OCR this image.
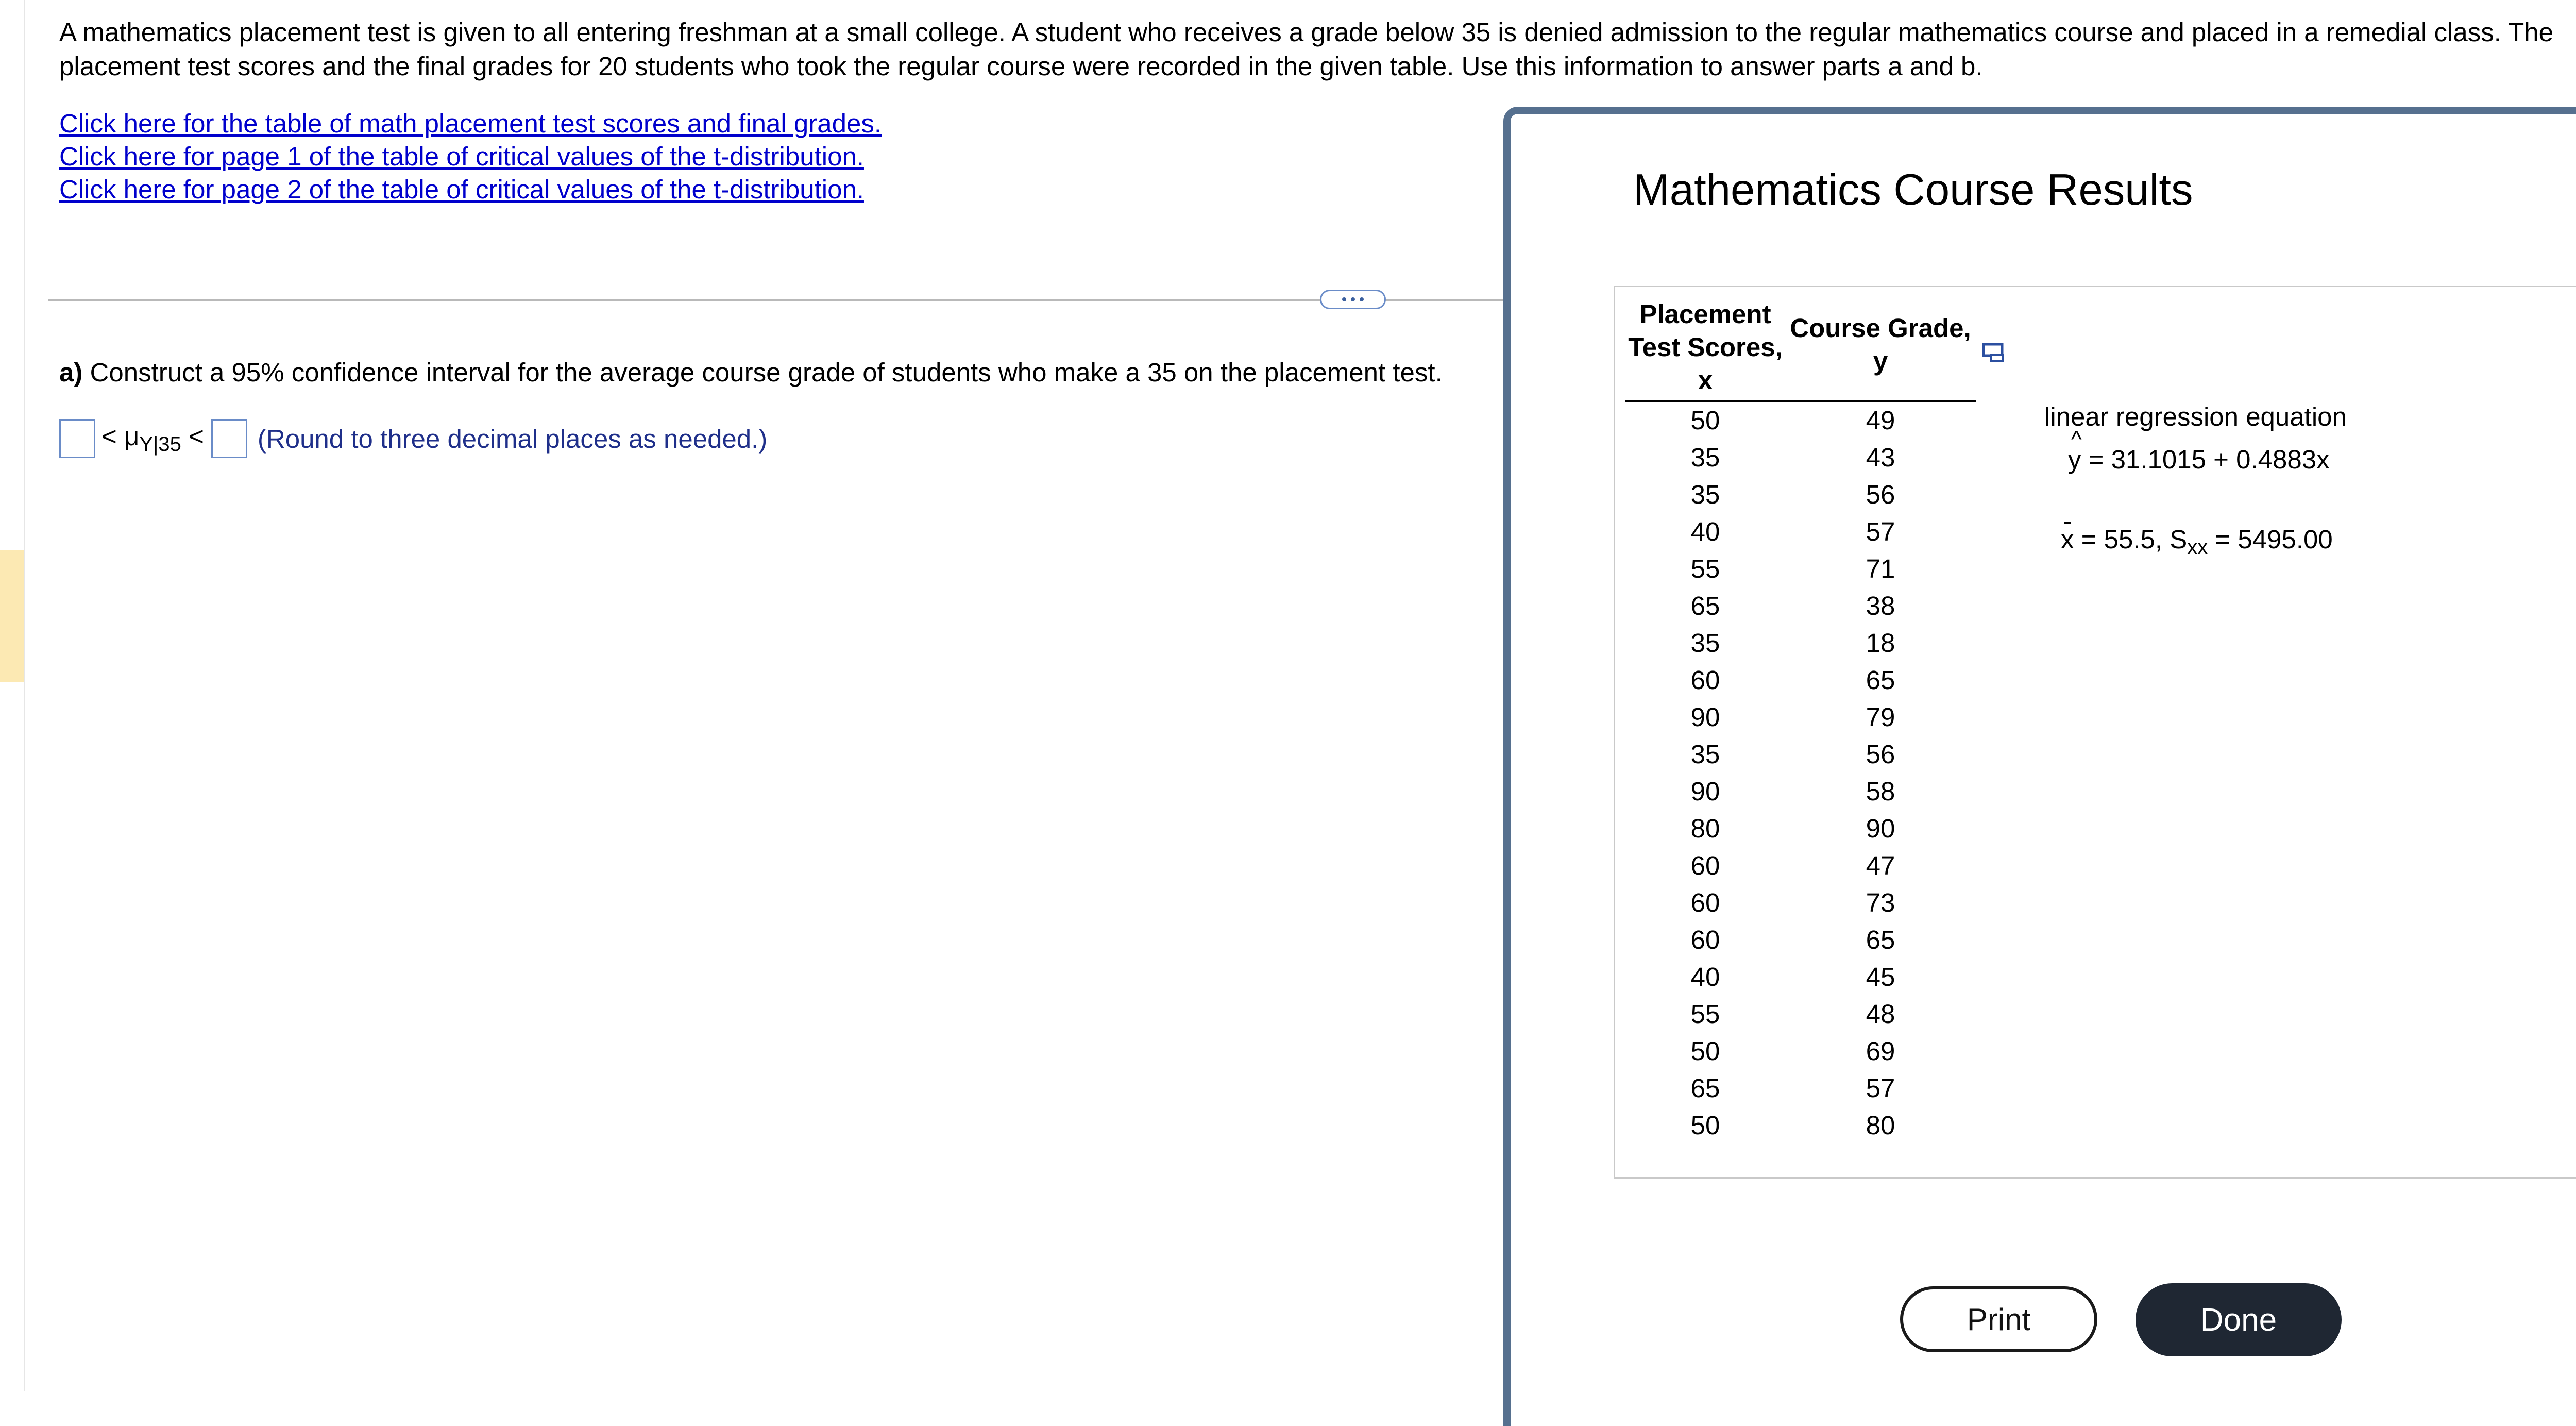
A mathematics placement test is given to all entering freshman at a small college. A student who receives a grade below 35 is denied admission to the regular mathematics course and placed in a remedial class. The placement test scores and the final grades for 20 students who took the regular course were recorded in the given table. Use this information to answer parts a and b.
Click here for the table of math placement test scores and final grades.
Click here for page 1 of the table of critical values of the t-distribution.
Click here for page 2 of the table of critical values of the t-distribution.
a) Construct a 95% confidence interval for the average course grade of students who make a 35 on the placement test.
< $\mu_{Y|35}$ < (Round to three decimal places as needed.)
Mathematics Course Results
Placement
Test Scores,
x
Course Grade,
y
50
35
35
40
55
65
35
60
90
35
90
80
60
60
60
40
55
50
65
50
49
43
56
57
71
38
18
65
79
56
58
90
47
73
65
45
48
69
57
80
linear regression equation
^ y = 31.1015 + 0.4883x
x = 55.5, $S_{xx} = 5495.00$
Print	Done
